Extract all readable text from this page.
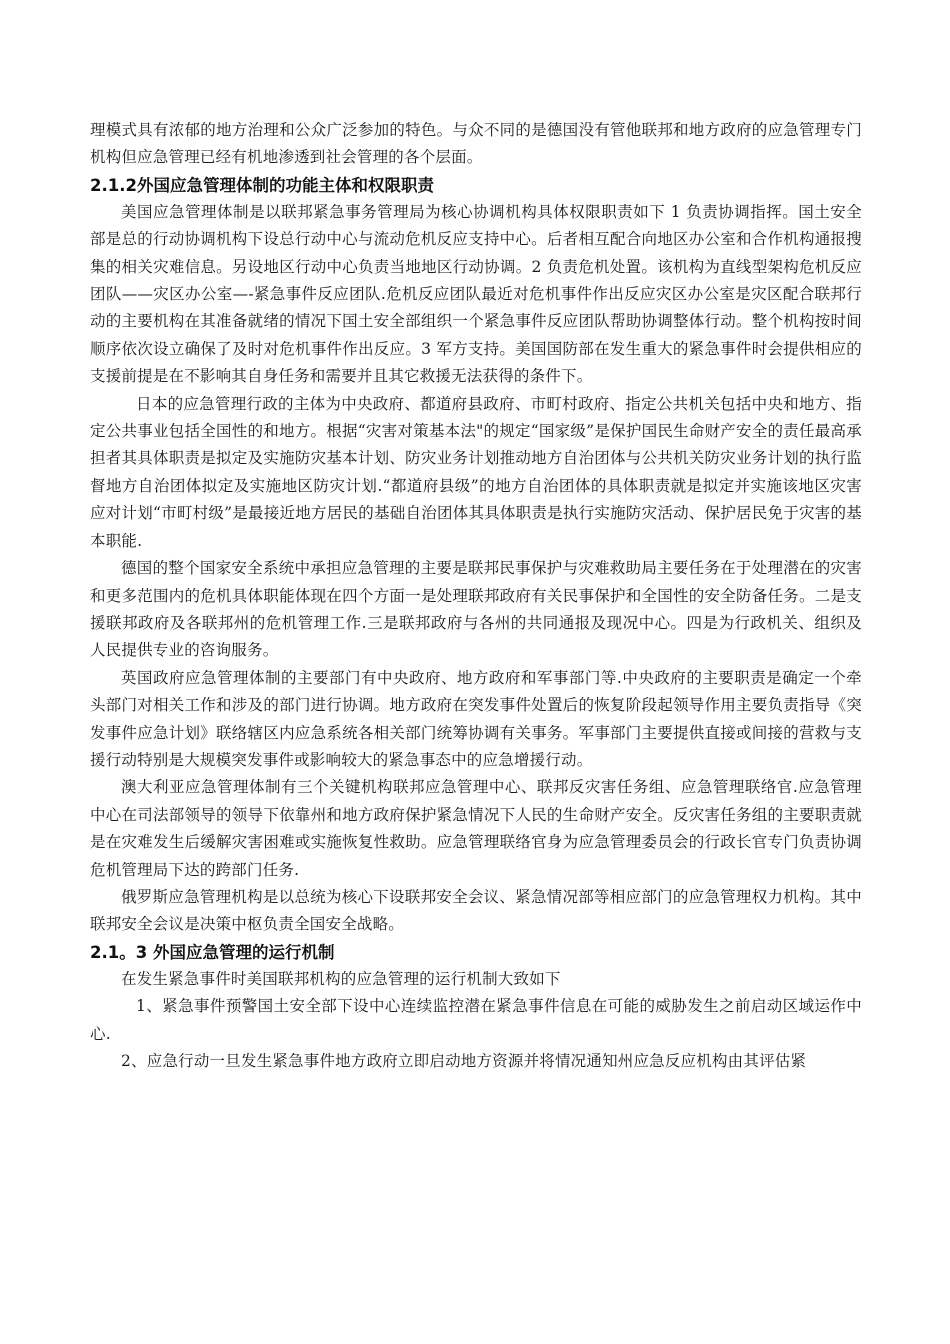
理模式具有浓郁的地方治理和公众广泛参加的特色。与众不同的是德国没有管他联邦和地方政府的应急管理专门机构但应急管理已经有机地渗透到社会管理的各个层面。

2.1.2外国应急管理体制的功能主体和权限职责

美国应急管理体制是以联邦紧急事务管理局为核心协调机构具体权限职责如下 1 负责协调指挥。国土安全部是总的行动协调机构下设总行动中心与流动危机反应支持中心。后者相互配合向地区办公室和合作机构通报搜集的相关灾难信息。另设地区行动中心负责当地地区行动协调。2 负责危机处置。该机构为直线型架构危机反应团队——灾区办公室—-紧急事件反应团队.危机反应团队最近对危机事件作出反应灾区办公室是灾区配合联邦行动的主要机构在其准备就绪的情况下国土安全部组织一个紧急事件反应团队帮助协调整体行动。整个机构按时间顺序依次设立确保了及时对危机事件作出反应。3 军方支持。美国国防部在发生重大的紧急事件时会提供相应的支援前提是在不影响其自身任务和需要并且其它救援无法获得的条件下。

日本的应急管理行政的主体为中央政府、都道府县政府、市町村政府、指定公共机关包括中央和地方、指定公共事业包括全国性的和地方。根据“灾害对策基本法"的规定“国家级”是保护国民生命财产安全的责任最高承担者其具体职责是拟定及实施防灾基本计划、防灾业务计划推动地方自治团体与公共机关防灾业务计划的执行监督地方自治团体拟定及实施地区防灾计划.“都道府县级”的地方自治团体的具体职责就是拟定并实施该地区灾害应对计划“市町村级”是最接近地方居民的基础自治团体其具体职责是执行实施防灾活动、保护居民免于灾害的基本职能.

德国的整个国家安全系统中承担应急管理的主要是联邦民事保护与灾难救助局主要任务在于处理潜在的灾害和更多范围内的危机具体职能体现在四个方面一是处理联邦政府有关民事保护和全国性的安全防备任务。二是支援联邦政府及各联邦州的危机管理工作.三是联邦政府与各州的共同通报及现况中心。四是为行政机关、组织及人民提供专业的咨询服务。

英国政府应急管理体制的主要部门有中央政府、地方政府和军事部门等.中央政府的主要职责是确定一个牵头部门对相关工作和涉及的部门进行协调。地方政府在突发事件处置后的恢复阶段起领导作用主要负责指导《突发事件应急计划》联络辖区内应急系统各相关部门统筹协调有关事务。军事部门主要提供直接或间接的营救与支援行动特别是大规模突发事件或影响较大的紧急事态中的应急增援行动。

澳大利亚应急管理体制有三个关键机构联邦应急管理中心、联邦反灾害任务组、应急管理联络官.应急管理中心在司法部领导的领导下依靠州和地方政府保护紧急情况下人民的生命财产安全。反灾害任务组的主要职责就是在灾难发生后缓解灾害困难或实施恢复性救助。应急管理联络官身为应急管理委员会的行政长官专门负责协调危机管理局下达的跨部门任务.

俄罗斯应急管理机构是以总统为核心下设联邦安全会议、紧急情况部等相应部门的应急管理权力机构。其中联邦安全会议是决策中枢负责全国安全战略。

2.1。3 外国应急管理的运行机制

在发生紧急事件时美国联邦机构的应急管理的运行机制大致如下

1、紧急事件预警国土安全部下设中心连续监控潜在紧急事件信息在可能的威胁发生之前启动区域运作中心.

2、应急行动一旦发生紧急事件地方政府立即启动地方资源并将情况通知州应急反应机构由其评估紧
